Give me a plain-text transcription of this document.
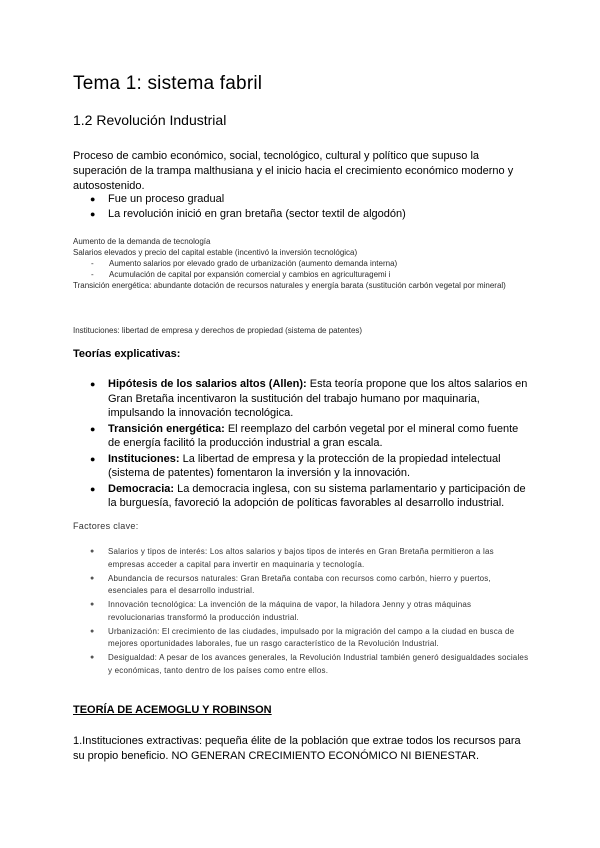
Tema 1: sistema fabril
1.2 Revolución Industrial

Proceso de cambio económico, social, tecnológico, cultural y político que supuso la superación de la trampa malthusiana y el inicio hacia el crecimiento económico moderno y autosostenido.

● Fue un proceso gradual
● La revolución inició en gran bretaña (sector textil de algodón)
Aumento de la demanda de tecnología
Salarios elevados y precio del capital estable (incentivó la inversión tecnológica)
- Aumento salarios por elevado grado de urbanización (aumento demanda interna)
- Acumulación de capital por expansión comercial y cambios en agriculturagemi i
Transición energética: abundante dotación de recursos naturales y energía barata (sustitución carbón vegetal por mineral)
Instituciones: libertad de empresa y derechos de propiedad (sistema de patentes)
Teorías explicativas:
● Hipótesis de los salarios altos (Allen): Esta teoría propone que los altos salarios en Gran Bretaña incentivaron la sustitución del trabajo humano por maquinaria, impulsando la innovación tecnológica.
● Transición energética: El reemplazo del carbón vegetal por el mineral como fuente de energía facilitó la producción industrial a gran escala.
● Instituciones: La libertad de empresa y la protección de la propiedad intelectual (sistema de patentes) fomentaron la inversión y la innovación.
● Democracia: La democracia inglesa, con su sistema parlamentario y participación de la burguesía, favoreció la adopción de políticas favorables al desarrollo industrial.
Factores clave:
● Salarios y tipos de interés: Los altos salarios y bajos tipos de interés en Gran Bretaña permitieron a las empresas acceder a capital para invertir en maquinaria y tecnología.
● Abundancia de recursos naturales: Gran Bretaña contaba con recursos como carbón, hierro y puertos, esenciales para el desarrollo industrial.
● Innovación tecnológica: La invención de la máquina de vapor, la hiladora Jenny y otras máquinas revolucionarias transformó la producción industrial.
● Urbanización: El crecimiento de las ciudades, impulsado por la migración del campo a la ciudad en busca de mejores oportunidades laborales, fue un rasgo característico de la Revolución Industrial.
● Desigualdad: A pesar de los avances generales, la Revolución Industrial también generó desigualdades sociales y económicas, tanto dentro de los países como entre ellos.
TEORÍA DE ACEMOGLU Y ROBINSON

1.Instituciones extractivas: pequeña élite de la población que extrae todos los recursos para su propio beneficio. NO GENERAN CRECIMIENTO ECONÓMICO NI BIENESTAR.
